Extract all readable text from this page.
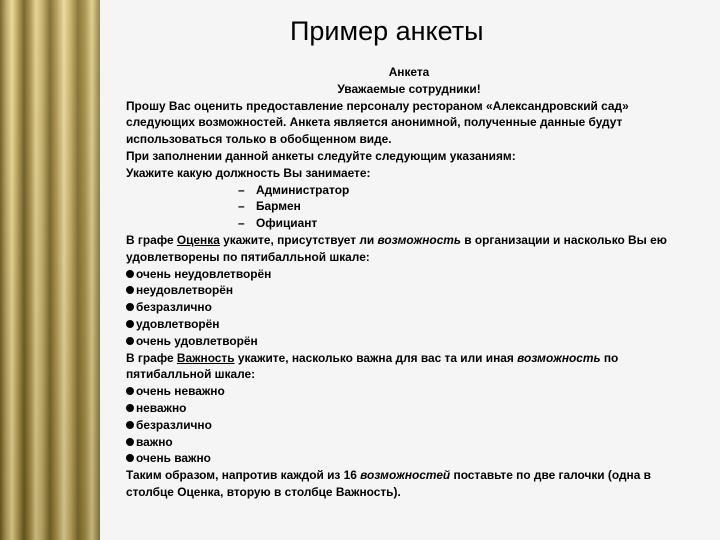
Пример анкеты

Анкета

Уважаемые сотрудники!

Прошу Вас оценить предоставление персоналу рестораном «Александровский сад» следующих возможностей. Анкета является анонимной, полученные данные будут использоваться только в обобщенном виде.

При заполнении данной анкеты следуйте следующим указаниям:

Укажите какую должность Вы занимаете:

– Администратор

– Бармен

– Официант

В графе Оценка укажите, присутствует ли возможность в организации и насколько Вы ею удовлетворены по пятибалльной шкале:

очень неудовлетворён

неудовлетворён

безразлично

удовлетворён

очень удовлетворён

В графе Важность укажите, насколько важна для вас та или иная возможность по пятибалльной шкале:

очень неважно

неважно

безразлично

важно

очень важно

Таким образом, напротив каждой из 16 возможностей поставьте по две галочки (одна в столбце Оценка, вторую в столбце Важность).
